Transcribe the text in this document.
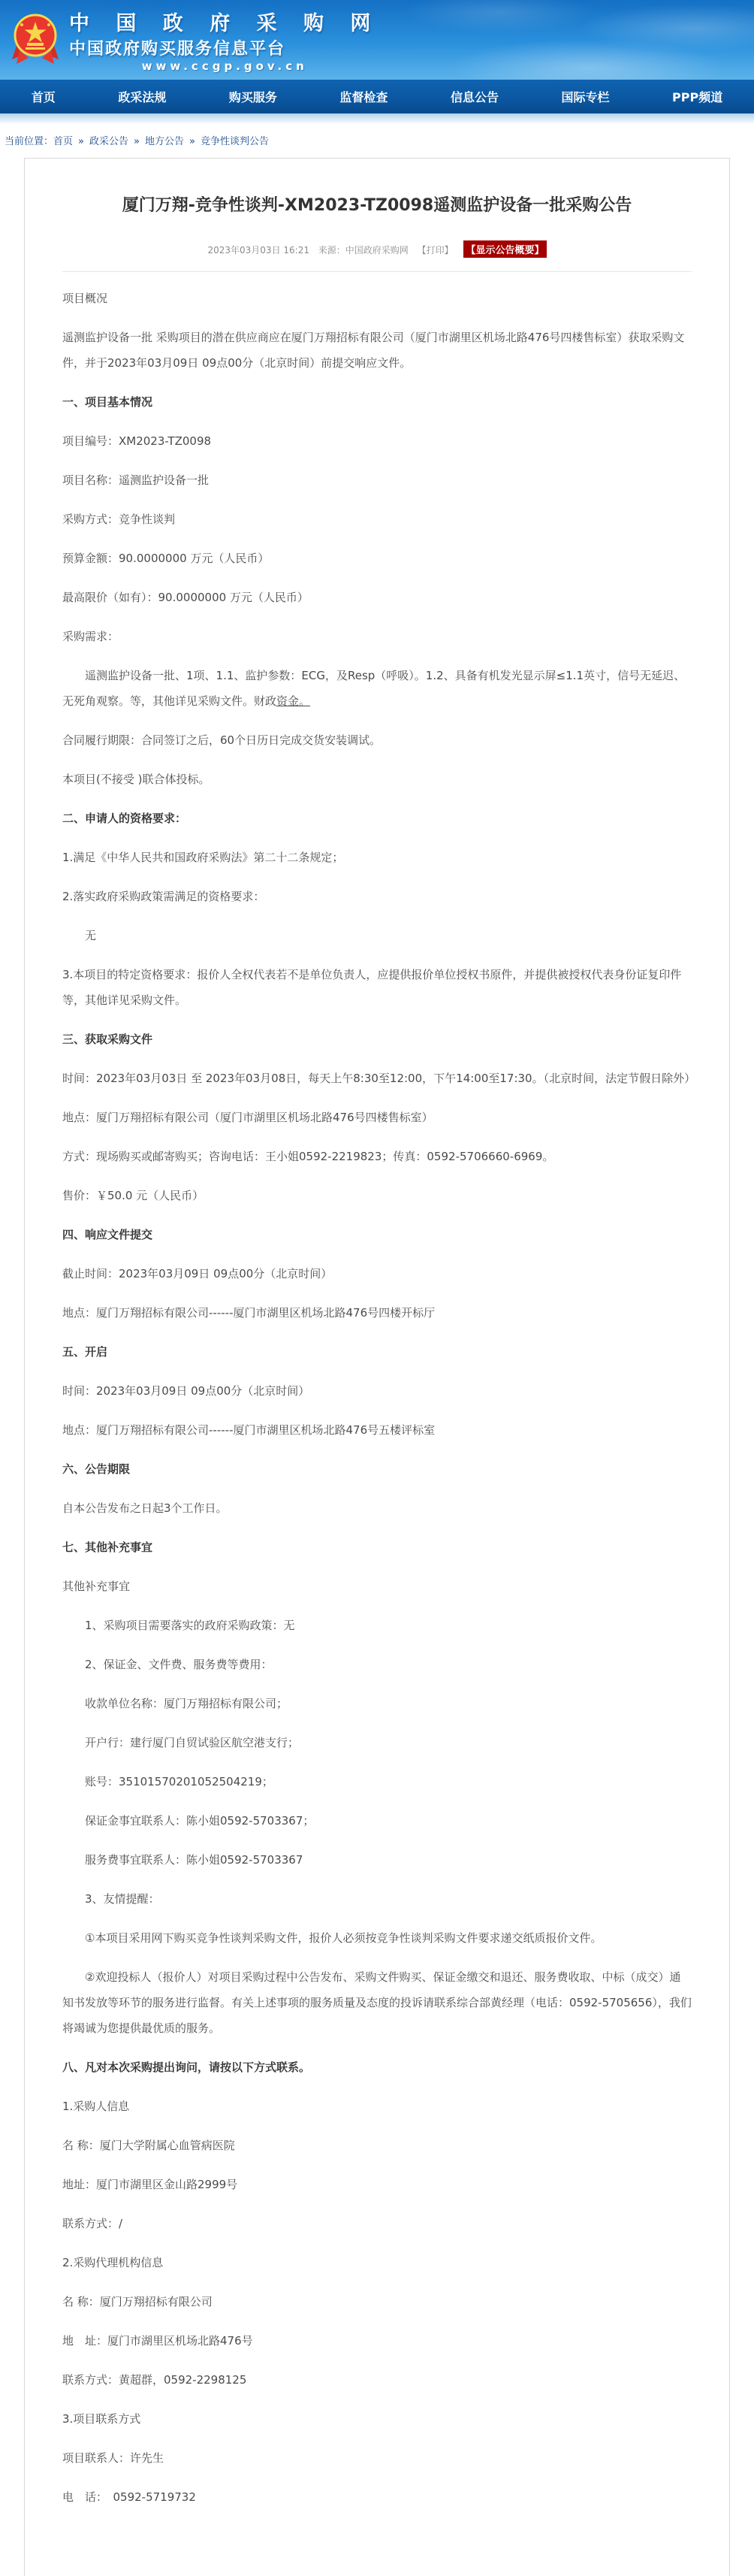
中 国 政 府 采 购 网
中国政府购买服务信息平台
www.ccgp.gov.cn
首页	政采法规	购买服务	监督检查	信息公告	国际专栏	PPP频道
当前位置：首页 » 政采公告 » 地方公告 » 竞争性谈判公告
厦门万翔-竞争性谈判-XM2023-TZ0098遥测监护设备一批采购公告
2023年03月03日 16:21 来源：中国政府采购网 【打印】 【显示公告概要】

项目概况

遥测监护设备一批 采购项目的潜在供应商应在厦门万翔招标有限公司（厦门市湖里区机场北路476号四楼售标室）获取采购文件，并于2023年03月09日 09点00分（北京时间）前提交响应文件。

一、项目基本情况

项目编号：XM2023-TZ0098

项目名称：遥测监护设备一批

采购方式：竞争性谈判

预算金额：90.0000000 万元（人民币）

最高限价（如有）：90.0000000 万元（人民币）

采购需求：

遥测监护设备一批、1项、1.1、监护参数：ECG，及Resp（呼吸）。1.2、具备有机发光显示屏≤1.1英寸，信号无延迟、无死角观察。等，其他详见采购文件。财政资金。

合同履行期限：合同签订之后，60个日历日完成交货安装调试。

本项目(不接受 )联合体投标。

二、申请人的资格要求：

1.满足《中华人民共和国政府采购法》第二十二条规定；

2.落实政府采购政策需满足的资格要求：

无

3.本项目的特定资格要求：报价人全权代表若不是单位负责人，应提供报价单位授权书原件，并提供被授权代表身份证复印件等，其他详见采购文件。

三、获取采购文件

时间：2023年03月03日 至 2023年03月08日，每天上午8:30至12:00，下午14:00至17:30。（北京时间，法定节假日除外）

地点：厦门万翔招标有限公司（厦门市湖里区机场北路476号四楼售标室）

方式：现场购买或邮寄购买；咨询电话：王小姐0592-2219823；传真：0592-5706660-6969。

售价：￥50.0 元（人民币）

四、响应文件提交

截止时间：2023年03月09日 09点00分（北京时间）

地点：厦门万翔招标有限公司------厦门市湖里区机场北路476号四楼开标厅

五、开启

时间：2023年03月09日 09点00分（北京时间）

地点：厦门万翔招标有限公司------厦门市湖里区机场北路476号五楼评标室

六、公告期限

自本公告发布之日起3个工作日。

七、其他补充事宜

其他补充事宜

1、采购项目需要落实的政府采购政策：无

2、保证金、文件费、服务费等费用：

收款单位名称：厦门万翔招标有限公司；

开户行：建行厦门自贸试验区航空港支行；

账号：35101570201052504219；

保证金事宜联系人：陈小姐0592-5703367；

服务费事宜联系人：陈小姐0592-5703367

3、友情提醒：

①本项目采用网下购买竞争性谈判采购文件，报价人必须按竞争性谈判采购文件要求递交纸质报价文件。

②欢迎投标人（报价人）对项目采购过程中公告发布、采购文件购买、保证金缴交和退还、服务费收取、中标（成交）通知书发放等环节的服务进行监督。有关上述事项的服务质量及态度的投诉请联系综合部黄经理（电话：0592-5705656），我们将竭诚为您提供最优质的服务。

八、凡对本次采购提出询问，请按以下方式联系。

1.采购人信息

名 称：厦门大学附属心血管病医院

地址：厦门市湖里区金山路2999号

联系方式：/

2.采购代理机构信息

名 称：厦门万翔招标有限公司

地　址：厦门市湖里区机场北路476号

联系方式：黄超群，0592-2298125

3.项目联系方式

项目联系人：许先生

电　话：　0592-5719732
